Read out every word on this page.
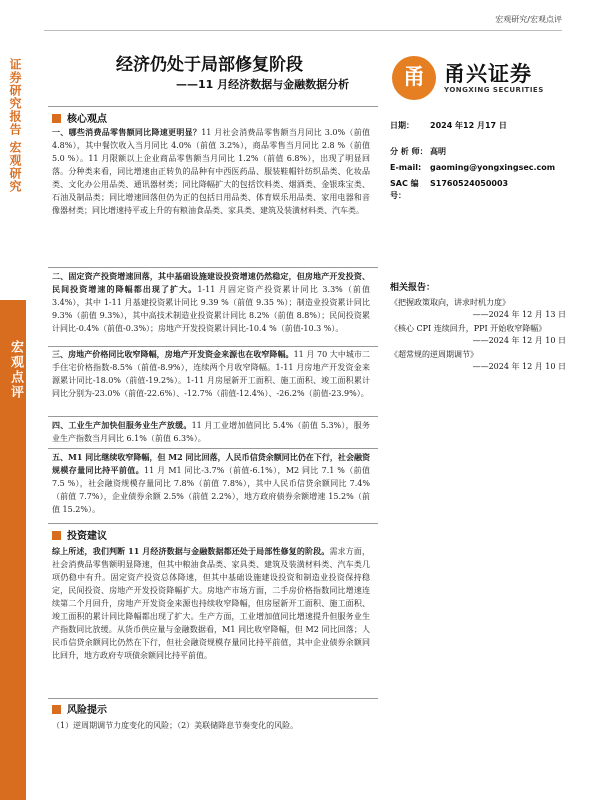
证券研究报告 宏观研究
宏观点评
宏观研究/宏观点评
经济仍处于局部修复阶段
——11 月经济数据与金融数据分析	甬 甬兴证券
YONGXING SECURITIES
核心观点

一、哪些消费品零售额同比降速更明显？11 月社会消费品零售额当月同比 3.0%（前值 4.8%），其中餐饮收入当月同比 4.0%（前值 3.2%），商品零售当月同比 2.8 %（前值 5.0 %）。11 月限额以上企业商品零售额当月同比 1.2%（前值 6.8%），出现了明显回落。分种类来看，同比增速由正转负的品种有中西医药品、服装鞋帽针纺织品类、化妆品类、文化办公用品类、通讯器材类；同比降幅扩大的包括饮料类、烟酒类、金银珠宝类、石油及制品类；同比增速回落但仍为正的包括日用品类、体育娱乐用品类、家用电器和音像器材类；同比增速持平或上升的有粮油食品类、家具类、建筑及装潢材料类、汽车类。

二、固定资产投资增速回落，其中基础设施建设投资增速仍然稳定，但房地产开发投资、民间投资增速的降幅都出现了扩大。1-11 月固定资产投资累计同比 3.3%（前值 3.4%），其中 1-11 月基建投资累计同比 9.39 %（前值 9.35 %）；制造业投资累计同比 9.3%（前值 9.3%），其中高技术制造业投资累计同比 8.2%（前值 8.8%）；民间投资累计同比-0.4%（前值-0.3%）；房地产开发投资累计同比-10.4 %（前值-10.3 %）。

三、房地产价格同比收窄降幅，房地产开发资金来源也在收窄降幅。11 月 70 大中城市二手住宅价格指数-8.5%（前值-8.9%），连续两个月收窄降幅。1-11 月房地产开发资金来源累计同比-18.0%（前值-19.2%）。1-11 月房屋新开工面积、施工面积、竣工面积累计同比分别为-23.0%（前值-22.6%）、-12.7%（前值-12.4%）、-26.2%（前值-23.9%）。

四、工业生产加快但服务业生产放缓。11 月工业增加值同比 5.4%（前值 5.3%），服务业生产指数当月同比 6.1%（前值 6.3%）。

五、M1 同比继续收窄降幅，但 M2 同比回落，人民币信贷余额同比仍在下行，社会融资规模存量同比持平前值。11 月 M1 同比-3.7%（前值-6.1%），M2 同比 7.1 %（前值 7.5 %），社会融资规模存量同比 7.8%（前值 7.8%），其中人民币信贷余额同比 7.4%（前值 7.7%），企业债券余额 2.5%（前值 2.2%），地方政府债券余额增速 15.2%（前值 15.2%）。

投资建议

综上所述，我们判断 11 月经济数据与金融数据都还处于局部性修复的阶段。需求方面，社会消费品零售额明显降速，但其中粮油食品类、家具类、建筑及装潢材料类、汽车类几项仍稳中有升。固定资产投资总体降速，但其中基础设施建设投资和制造业投资保持稳定，民间投资、房地产开发投资降幅扩大。房地产市场方面，二手房价格指数同比增速连续第二个月回升，房地产开发资金来源也持续收窄降幅，但房屋新开工面积、施工面积、竣工面积的累计同比降幅都出现了扩大。生产方面，工业增加值同比增速提升但服务业生产指数同比放缓。从货币供应量与金融数据看，M1 同比收窄降幅，但 M2 同比回落；人民币信贷余额同比仍然在下行，但社会融资规模存量同比持平前值，其中企业债券余额同比回升，地方政府专项债余额同比持平前值。

风险提示
（1）逆周期调节力度变化的风险；（2）美联储降息节奏变化的风险。
日期：	2024 年12 月17 日
分 析 师： 高明
E-mail:	gaoming@yongxingsec.com
SAC 编号：
S1760524050003
相关报告：
《把握政策取向，讲求时机力度》
——2024 年 12 月 13 日
《核心 CPI 连续回升，PPI 开始收窄降幅》
——2024 年 12 月 10 日
《超常规的逆周期调节》
——2024 年 12 月 10 日
